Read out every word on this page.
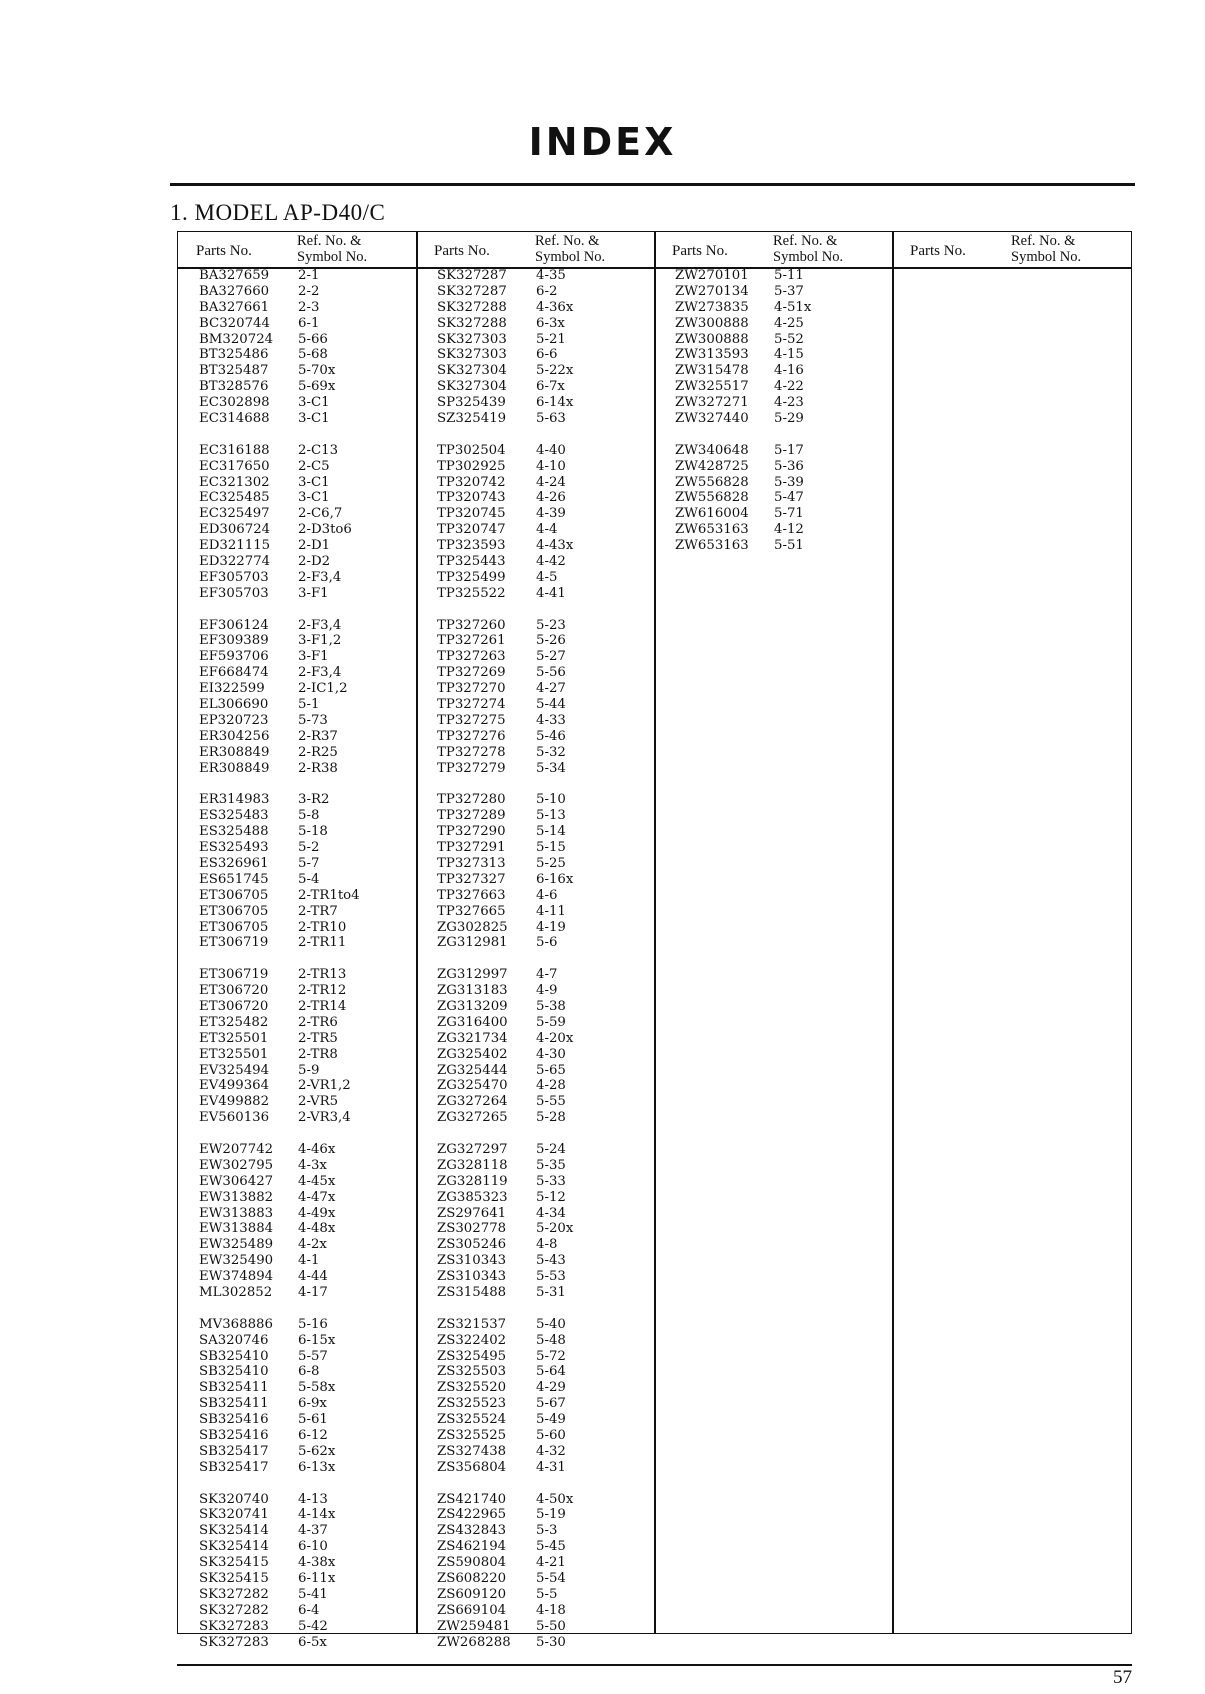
INDEX
1. MODEL AP-D40/C
Parts No.
Ref. No. &
Symbol No.
BA327659 2-1
BA327660 2-2
BA327661 2-3
BC320744 6-1
BM320724 5-66
BT325486 5-68
BT325487 5-70x
BT328576 5-69x
EC302898 3-C1
EC314688 3-C1
EC316188 2-C13
EC317650 2-C5
EC321302 3-C1
EC325485 3-C1
EC325497 2-C6,7
ED306724 2-D3to6
ED321115 2-D1
ED322774 2-D2
EF305703 2-F3,4
EF305703 3-F1
EF306124 2-F3,4
EF309389 3-F1,2
EF593706 3-F1
EF668474 2-F3,4
EI322599	2-IC1,2
EL306690 5-1
EP320723 5-73
ER304256 2-R37
ER308849 2-R25
ER308849 2-R38
ER314983 3-R2
ES325483 5-8
ES325488 5-18
ES325493 5-2
ES326961 5-7
ES651745 5-4
ET306705 2-TR1to4
ET306705 2-TR7
ET306705 2-TR10
ET306719 2-TR11
ET306719 2-TR13
ET306720 2-TR12
ET306720 2-TR14
ET325482 2-TR6
ET325501 2-TR5
ET325501 2-TR8
EV325494 5-9
EV499364 2-VR1,2
EV499882 2-VR5
EV560136 2-VR3,4
EW207742 4-46x
EW302795 4-3x
EW306427 4-45x
EW313882 4-47x
EW313883 4-49x
EW313884 4-48x
EW325489 4-2x
EW325490 4-1
EW374894 4-44
ML302852 4-17
MV368886 5-16
SA320746 6-15x
SB325410 5-57
SB325410 6-8
SB325411 5-58x
SB325411 6-9x
SB325416 5-61
SB325416 6-12
SB325417 5-62x
SB325417 6-13x
SK320740 4-13
SK320741 4-14x
SK325414 4-37
SK325414 6-10
SK325415 4-38x
SK325415 6-11x
SK327282 5-41
SK327282 6-4
SK327283 5-42
SK327283 6-5x
Parts No.
Ref. No. &
Symbol No.
SK327287 4-35
SK327287 6-2
SK327288 4-36x
SK327288 6-3x
SK327303 5-21
SK327303 6-6
SK327304 5-22x
SK327304 6-7x
SP325439 6-14x
SZ325419 5-63
TP302504 4-40
TP302925 4-10
TP320742 4-24
TP320743 4-26
TP320745 4-39
TP320747 4-4
TP323593 4-43x
TP325443 4-42
TP325499 4-5
TP325522 4-41
TP327260 5-23
TP327261 5-26
TP327263 5-27
TP327269 5-56
TP327270 4-27
TP327274 5-44
TP327275 4-33
TP327276 5-46
TP327278 5-32
TP327279 5-34
TP327280 5-10
TP327289 5-13
TP327290 5-14
TP327291 5-15
TP327313 5-25
TP327327 6-16x
TP327663 4-6
TP327665 4-11
ZG302825 4-19
ZG312981 5-6
ZG312997 4-7
ZG313183 4-9
ZG313209 5-38
ZG316400 5-59
ZG321734 4-20x
ZG325402 4-30
ZG325444 5-65
ZG325470 4-28
ZG327264 5-55
ZG327265 5-28
ZG327297 5-24
ZG328118 5-35
ZG328119 5-33
ZG385323 5-12
ZS297641 4-34
ZS302778 5-20x
ZS305246 4-8
ZS310343 5-43
ZS310343 5-53
ZS315488 5-31
ZS321537 5-40
ZS322402 5-48
ZS325495 5-72
ZS325503 5-64
ZS325520 4-29
ZS325523 5-67
ZS325524 5-49
ZS325525 5-60
ZS327438 4-32
ZS356804 4-31
ZS421740 4-50x
ZS422965 5-19
ZS432843 5-3
ZS462194 5-45
ZS590804 4-21
ZS608220 5-54
ZS609120 5-5
ZS669104 4-18
ZW259481 5-50
ZW268288 5-30
Parts No.
Ref. No. &
Symbol No.
ZW270101 5-11
ZW270134 5-37
ZW273835 4-51x
ZW300888 4-25
ZW300888 5-52
ZW313593 4-15
ZW315478 4-16
ZW325517 4-22
ZW327271 4-23
ZW327440 5-29
ZW340648 5-17
ZW428725 5-36
ZW556828 5-39
ZW556828 5-47
ZW616004 5-71
ZW653163 4-12
ZW653163 5-51
Parts No.
Ref. No. &
Symbol No.
57
